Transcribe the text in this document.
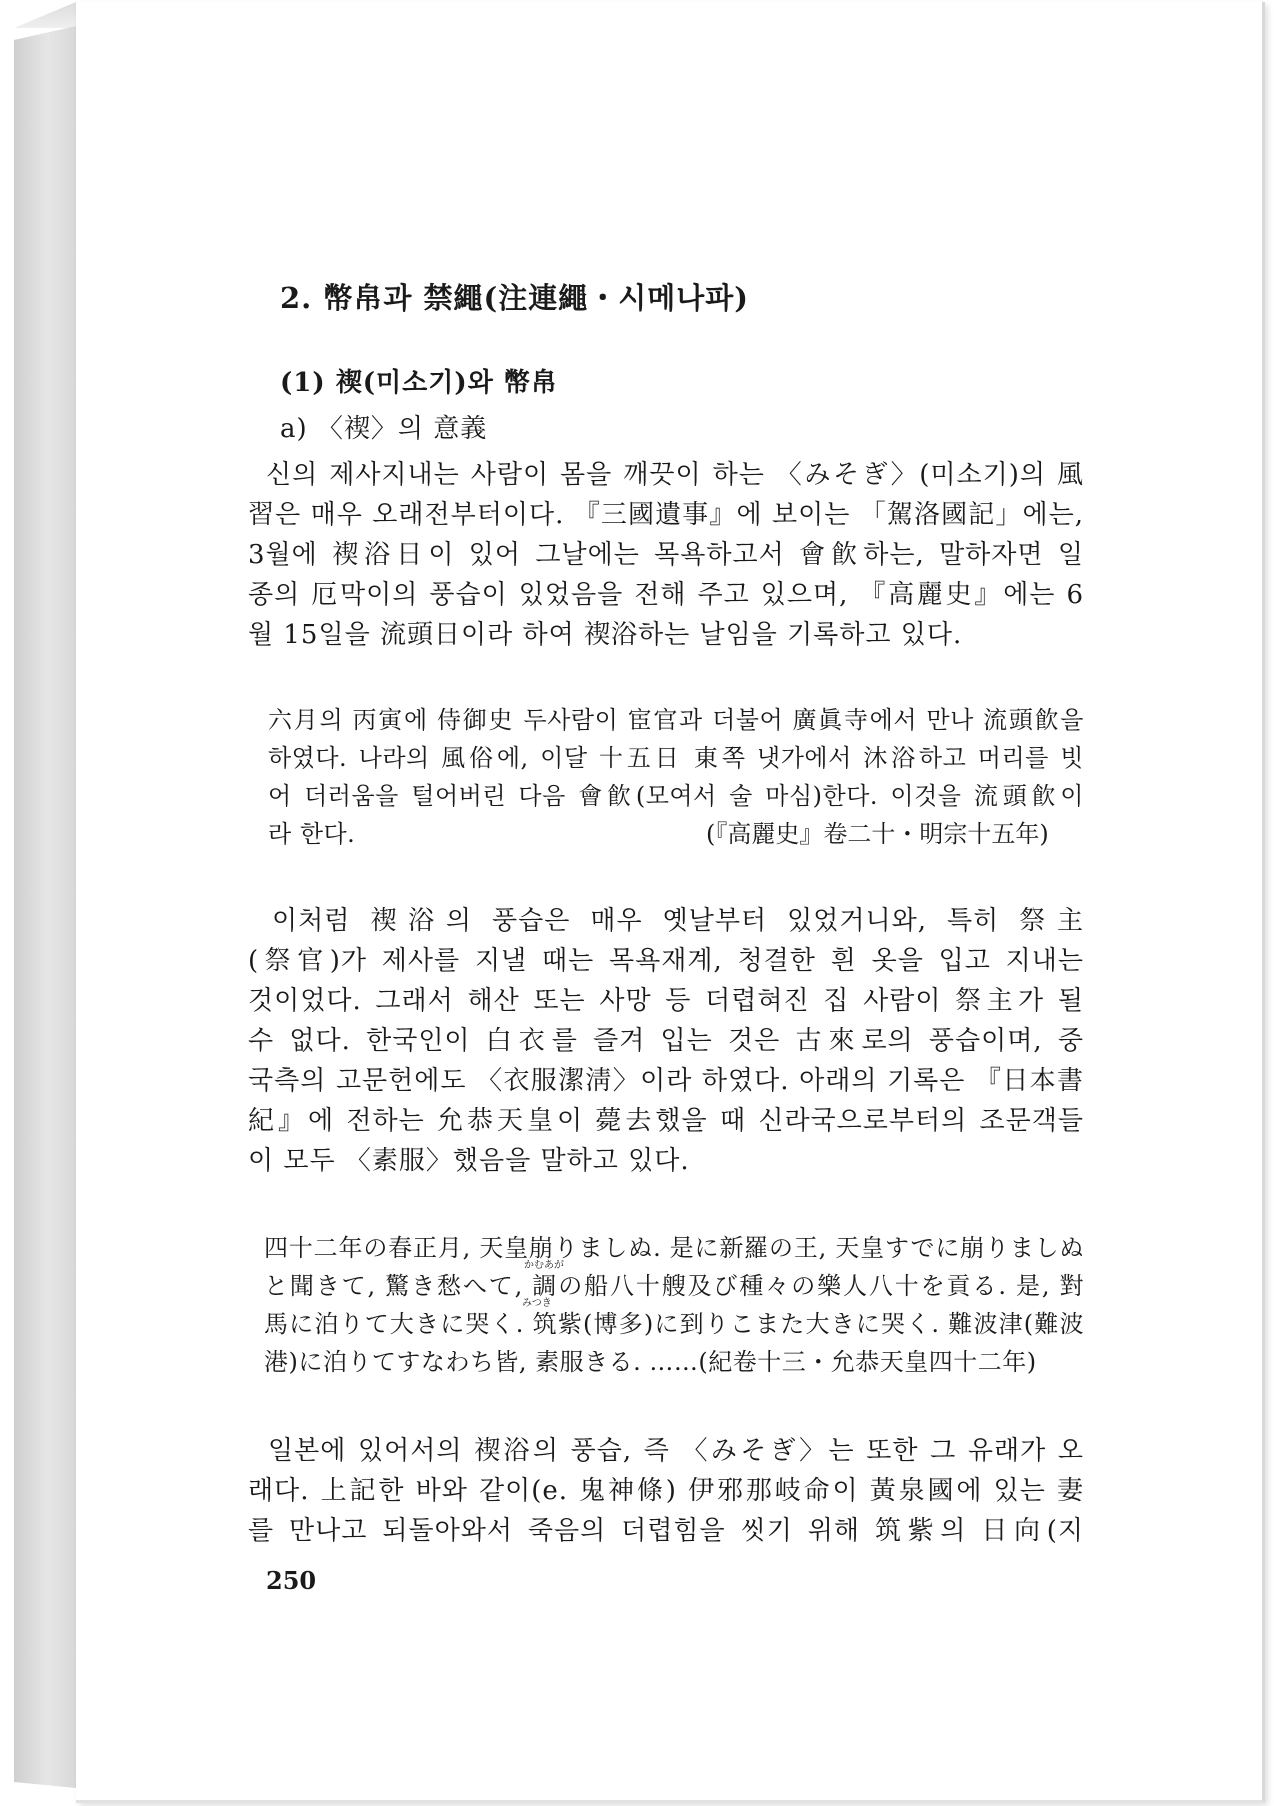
2. 幣帛과 禁繩(注連繩・시메나파)
(1) 禊(미소기)와 幣帛
a) 〈禊〉의 意義
신의 제사지내는 사람이 몸을 깨끗이 하는 〈みそぎ〉(미소기)의 風
習은 매우 오래전부터이다. 『三國遺事』에 보이는 「駕洛國記」에는,
3월에 禊浴日이 있어 그날에는 목욕하고서 會飮하는, 말하자면 일
종의 厄막이의 풍습이 있었음을 전해 주고 있으며, 『高麗史』에는 6
월 15일을 流頭日이라 하여 禊浴하는 날임을 기록하고 있다.
六月의 丙寅에 侍御史 두사람이 宦官과 더불어 廣眞寺에서 만나 流頭飮을
하였다. 나라의 風俗에, 이달 十五日 東쪽 냇가에서 沐浴하고 머리를 빗
어 더러움을 털어버린 다음 會飮(모여서 술 마심)한다. 이것을 流頭飮이
라 한다.	(『高麗史』卷二十・明宗十五年)
이처럼 禊浴의 풍습은 매우 옛날부터 있었거니와, 특히 祭主
(祭官)가 제사를 지낼 때는 목욕재계, 청결한 흰 옷을 입고 지내는
것이었다. 그래서 해산 또는 사망 등 더렵혀진 집 사람이 祭主가 될
수 없다. 한국인이 白衣를 즐겨 입는 것은 古來로의 풍습이며, 중
국측의 고문헌에도 〈衣服潔淸〉이라 하였다. 아래의 기록은 『日本書
紀』에 전하는 允恭天皇이 薨去했을 때 신라국으로부터의 조문객들
이 모두 〈素服〉했음을 말하고 있다.
四十二年の春正月, 天皇崩りましぬ. 是に新羅の王, 天皇すでに崩りましぬ
かむあが
と聞きて, 驚き愁へて, 調の船八十艘及び種々の樂人八十を貢る. 是, 對
みつき
馬に泊りて大きに哭く. 筑紫(博多)に到りこまた大きに哭く. 難波津(難波
港)に泊りてすなわち皆, 素服きる. ……(紀卷十三・允恭天皇四十二年)
일본에 있어서의 禊浴의 풍습, 즉 〈みそぎ〉는 또한 그 유래가 오
래다. 上記한 바와 같이(e. 鬼神條) 伊邪那岐命이 黃泉國에 있는 妻
를 만나고 되돌아와서 죽음의 더렵힘을 씻기 위해 筑紫의 日向(지
250
